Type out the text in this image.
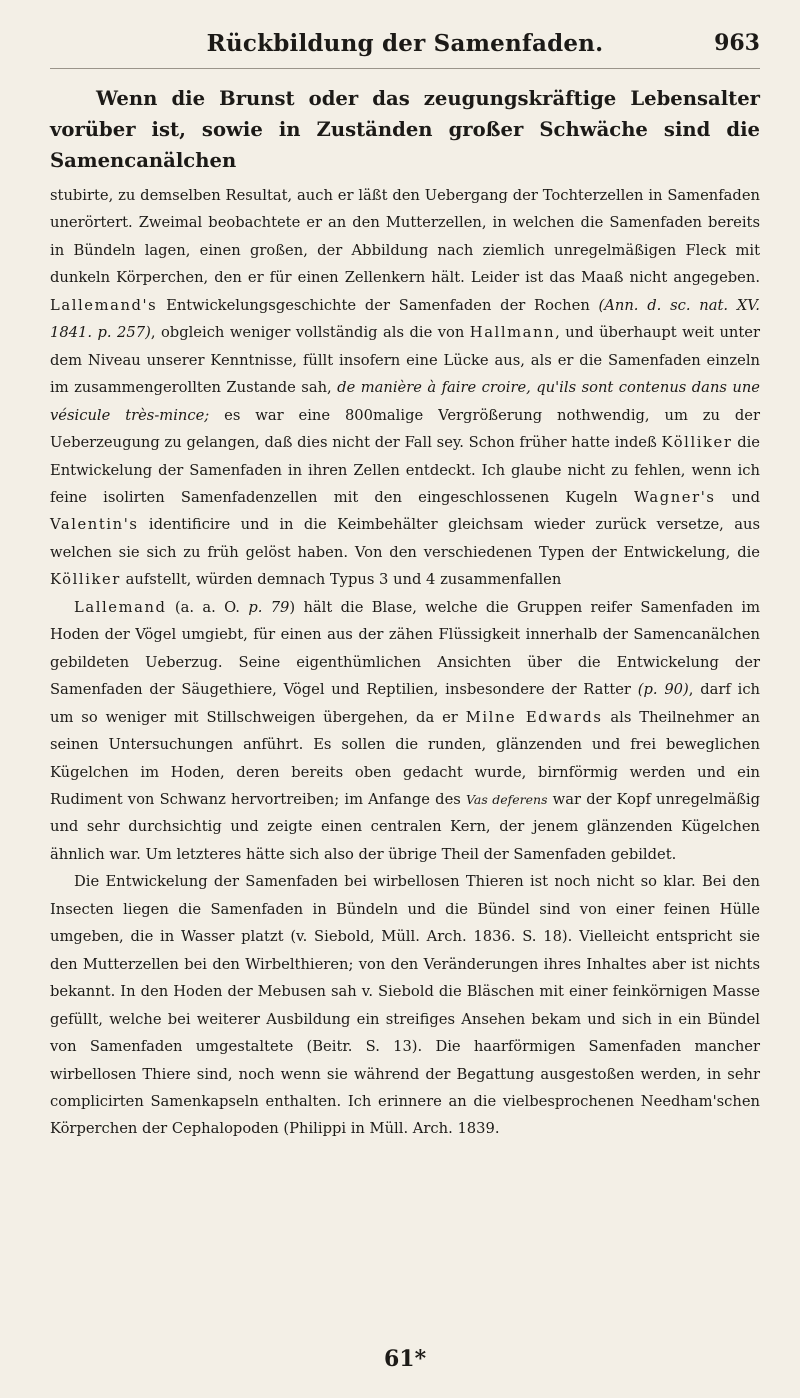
Rückbildung der Samenfaden.	963

Wenn die Brunst oder das zeugungskräftige Lebensalter vorüber ist, sowie in Zuständen großer Schwäche sind die Samencanälchen

stubirte, zu demselben Resultat, auch er läßt den Uebergang der Tochterzellen in Samenfaden unerörtert. Zweimal beobachtete er an den Mutterzellen, in welchen die Samenfaden bereits in Bündeln lagen, einen großen, der Abbildung nach ziemlich unregelmäßigen Fleck mit dunkeln Körperchen, den er für einen Zellenkern hält. Leider ist das Maaß nicht angegeben. Lallemand's Entwickelungsgeschichte der Samenfaden der Rochen (Ann. d. sc. nat. XV. 1841. p. 257), obgleich weniger vollständig als die von Hallmann, und überhaupt weit unter dem Niveau unserer Kenntnisse, füllt insofern eine Lücke aus, als er die Samenfaden einzeln im zusammengerollten Zustande sah, de manière à faire croire, qu'ils sont contenus dans une vésicule très-mince; es war eine 800malige Vergrößerung nothwendig, um zu der Ueberzeugung zu gelangen, daß dies nicht der Fall sey. Schon früher hatte indeß Kölliker die Entwickelung der Samenfaden in ihren Zellen entdeckt. Ich glaube nicht zu fehlen, wenn ich feine isolirten Samenfadenzellen mit den eingeschlossenen Kugeln Wagner's und Valentin's identificire und in die Keimbehälter gleichsam wieder zurück versetze, aus welchen sie sich zu früh gelöst haben. Von den verschiedenen Typen der Entwickelung, die Kölliker aufstellt, würden demnach Typus 3 und 4 zusammenfallen

Lallemand (a. a. O. p. 79) hält die Blase, welche die Gruppen reifer Samenfaden im Hoden der Vögel umgiebt, für einen aus der zähen Flüssigkeit innerhalb der Samencanälchen gebildeten Ueberzug. Seine eigenthümlichen Ansichten über die Entwickelung der Samenfaden der Säugethiere, Vögel und Reptilien, insbesondere der Ratter (p. 90), darf ich um so weniger mit Stillschweigen übergehen, da er Milne Edwards als Theilnehmer an seinen Untersuchungen anführt. Es sollen die runden, glänzenden und frei beweglichen Kügelchen im Hoden, deren bereits oben gedacht wurde, birnförmig werden und ein Rudiment von Schwanz hervortreiben; im Anfange des Vas deferens war der Kopf unregelmäßig und sehr durchsichtig und zeigte einen centralen Kern, der jenem glänzenden Kügelchen ähnlich war. Um letzteres hätte sich also der übrige Theil der Samenfaden gebildet.

Die Entwickelung der Samenfaden bei wirbellosen Thieren ist noch nicht so klar. Bei den Insecten liegen die Samenfaden in Bündeln und die Bündel sind von einer feinen Hülle umgeben, die in Wasser platzt (v. Siebold, Müll. Arch. 1836. S. 18). Vielleicht entspricht sie den Mutterzellen bei den Wirbelthieren; von den Veränderungen ihres Inhaltes aber ist nichts bekannt. In den Hoden der Mebusen sah v. Siebold die Bläschen mit einer feinkörnigen Masse gefüllt, welche bei weiterer Ausbildung ein streifiges Ansehen bekam und sich in ein Bündel von Samenfaden umgestaltete (Beitr. S. 13). Die haarförmigen Samenfaden mancher wirbellosen Thiere sind, noch wenn sie während der Begattung ausgestoßen werden, in sehr complicirten Samenkapseln enthalten. Ich erinnere an die vielbesprochenen Needham'schen Körperchen der Cephalopoden (Philippi in Müll. Arch. 1839.

61*
